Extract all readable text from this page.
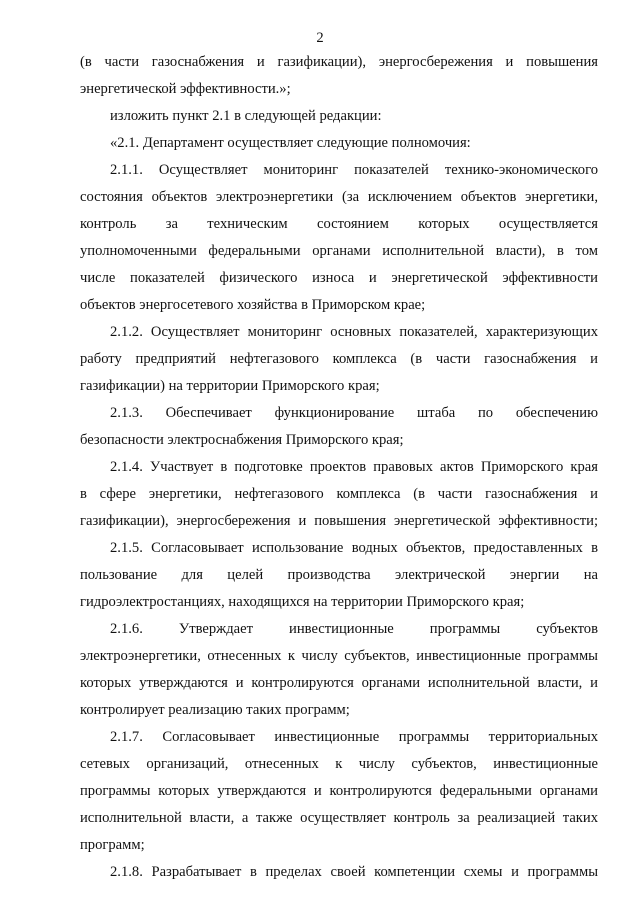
2
(в части газоснабжения и газификации), энергосбережения и повышения
энергетической эффективности.»;
изложить пункт 2.1 в следующей редакции:
«2.1. Департамент осуществляет следующие полномочия:
2.1.1. Осуществляет мониторинг показателей технико-экономического
состояния объектов электроэнергетики (за исключением объектов энергетики,
контроль за техническим состоянием которых осуществляется
уполномоченными федеральными органами исполнительной власти), в том
числе показателей физического износа и энергетической эффективности
объектов энергосетевого хозяйства в Приморском крае;
2.1.2. Осуществляет мониторинг основных показателей, характеризующих
работу предприятий нефтегазового комплекса (в части газоснабжения и
газификации) на территории Приморского края;
2.1.3. Обеспечивает функционирование штаба по обеспечению
безопасности электроснабжения Приморского края;
2.1.4. Участвует в подготовке проектов правовых актов Приморского края
в сфере энергетики, нефтегазового комплекса (в части газоснабжения и
газификации), энергосбережения и повышения энергетической эффективности;
2.1.5. Согласовывает использование водных объектов, предоставленных в
пользование для целей производства электрической энергии на
гидроэлектростанциях, находящихся на территории Приморского края;
2.1.6. Утверждает инвестиционные программы субъектов
электроэнергетики, отнесенных к числу субъектов, инвестиционные программы
которых утверждаются и контролируются органами исполнительной власти, и
контролирует реализацию таких программ;
2.1.7. Согласовывает инвестиционные программы территориальных
сетевых организаций, отнесенных к числу субъектов, инвестиционные
программы которых утверждаются и контролируются федеральными органами
исполнительной власти, а также осуществляет контроль за реализацией таких
программ;
2.1.8. Разрабатывает в пределах своей компетенции схемы и программы
